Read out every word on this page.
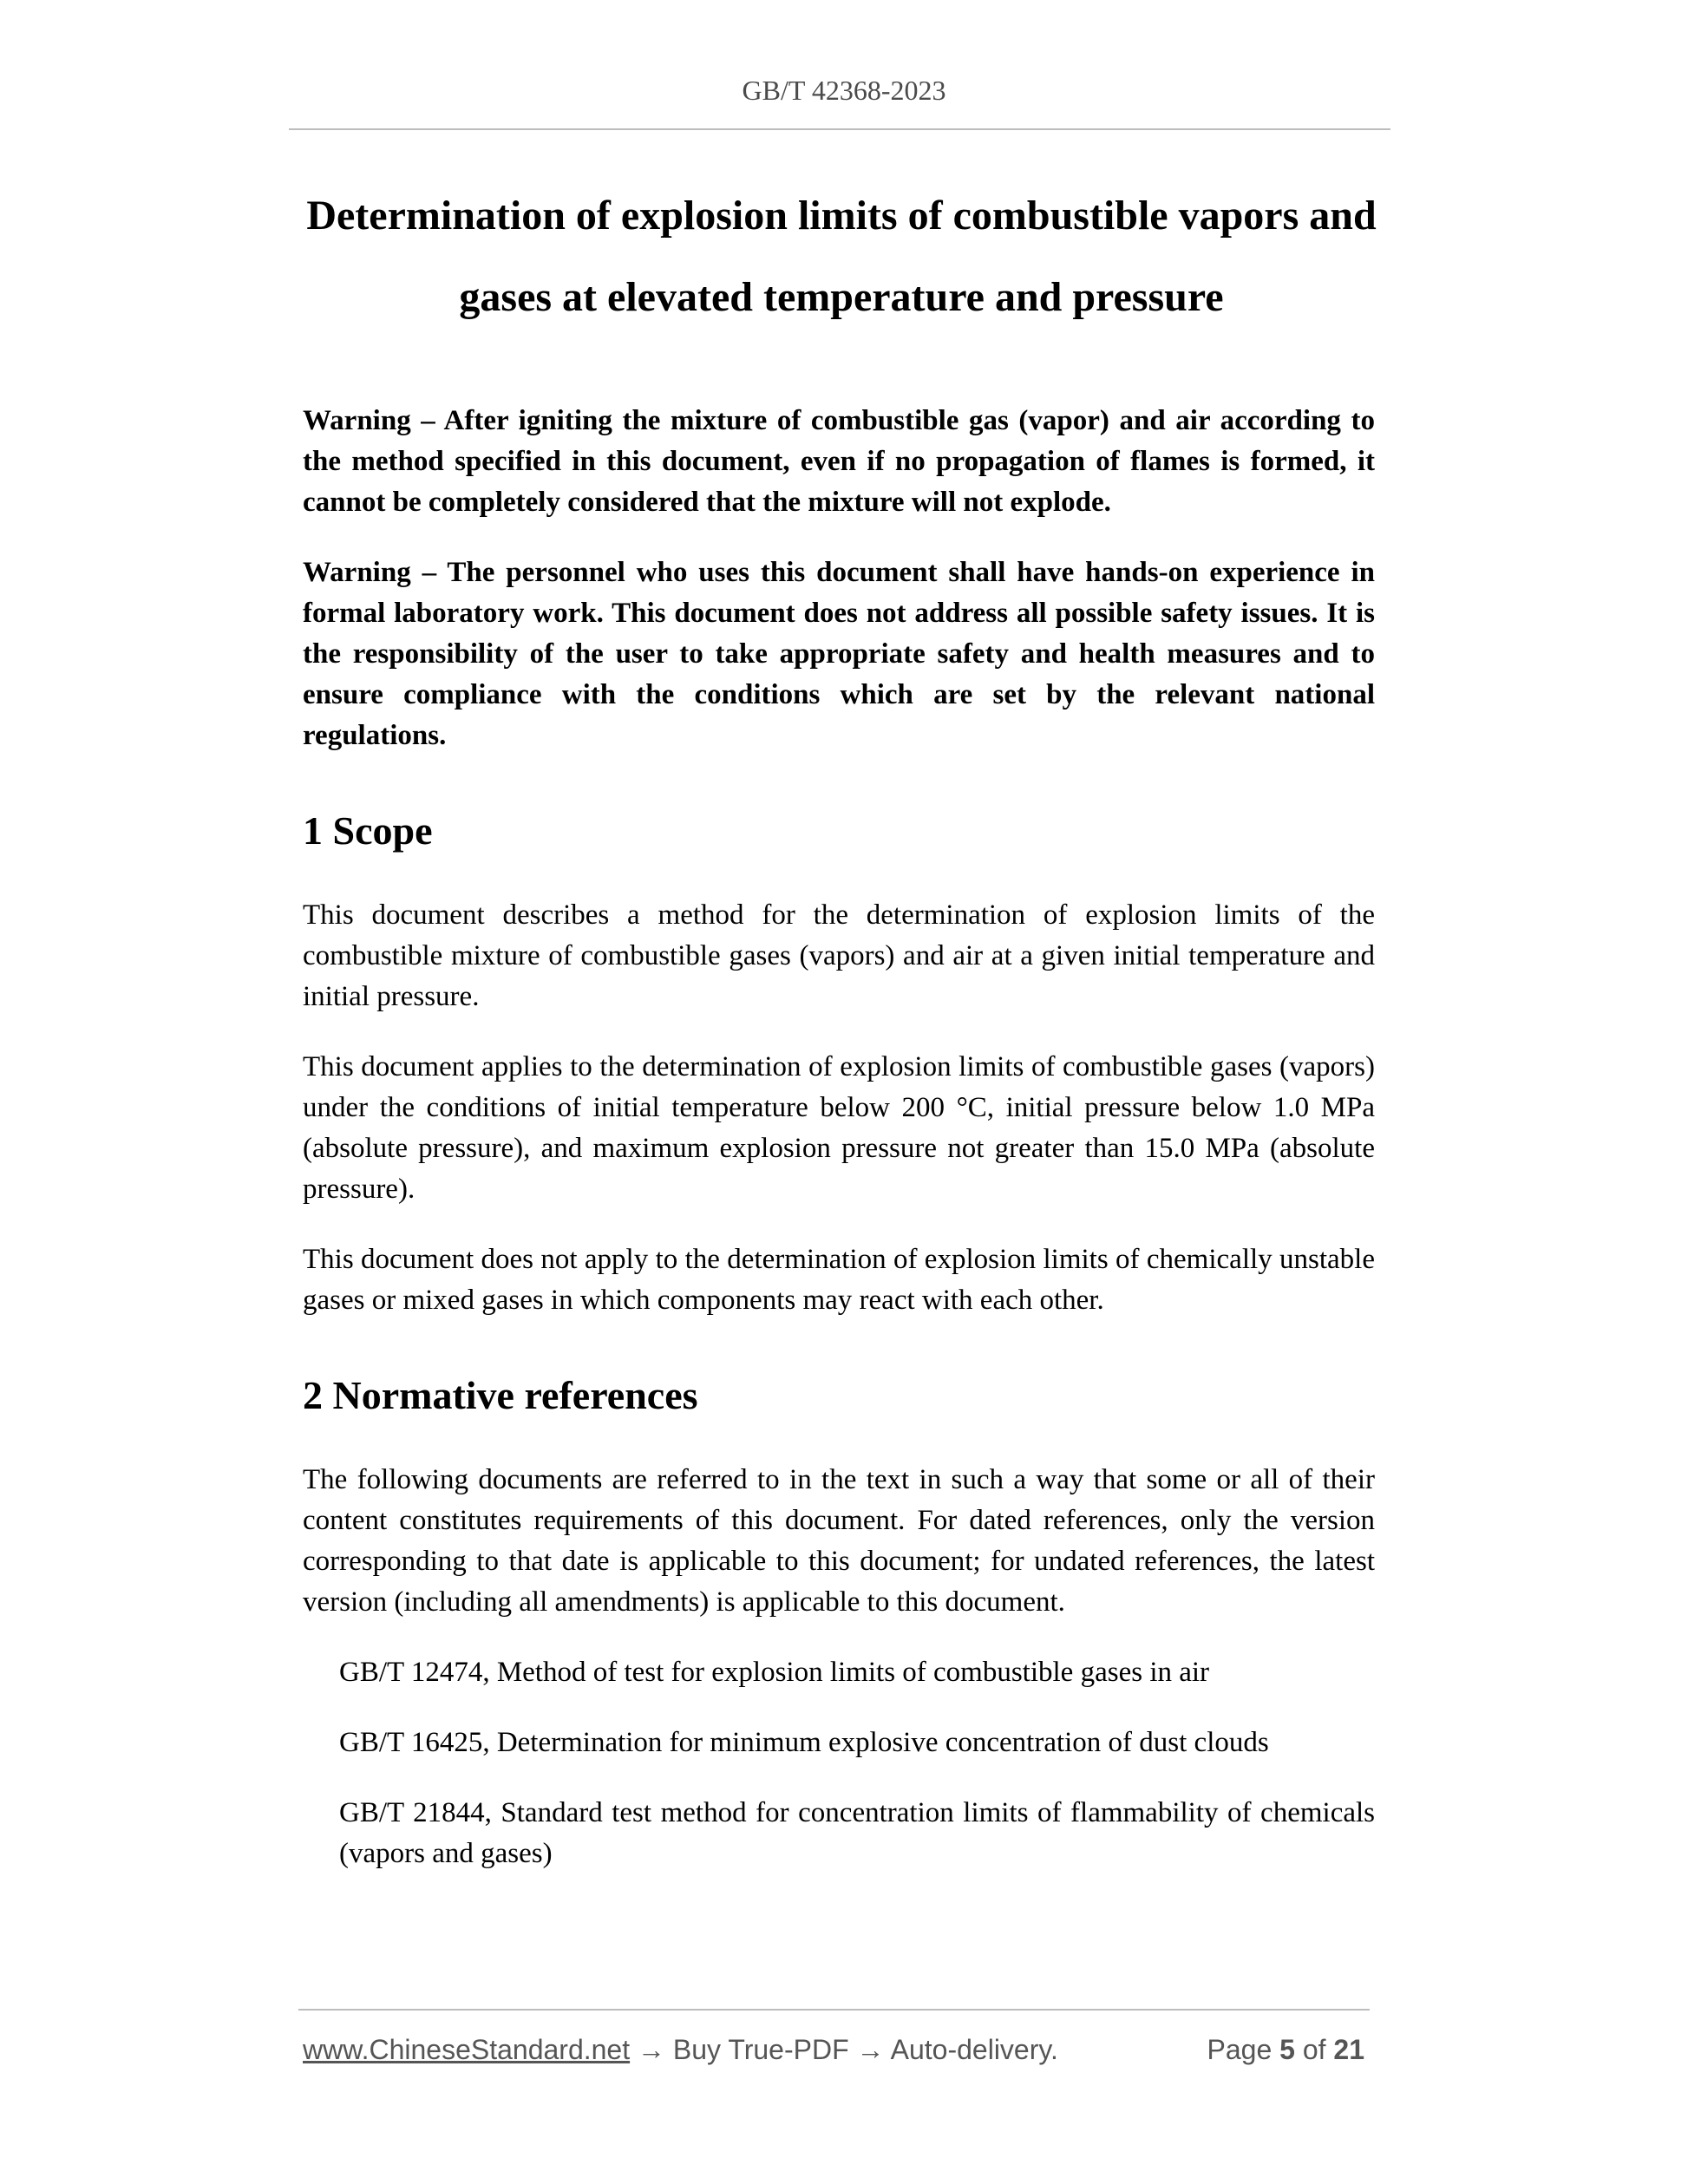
GB/T 42368-2023
Determination of explosion limits of combustible vapors and
gases at elevated temperature and pressure

Warning – After igniting the mixture of combustible gas (vapor) and air according to the method specified in this document, even if no propagation of flames is formed, it cannot be completely considered that the mixture will not explode.

Warning – The personnel who uses this document shall have hands-on experience in formal laboratory work. This document does not address all possible safety issues. It is the responsibility of the user to take appropriate safety and health measures and to ensure compliance with the conditions which are set by the relevant national regulations.

1 Scope

This document describes a method for the determination of explosion limits of the combustible mixture of combustible gases (vapors) and air at a given initial temperature and initial pressure.

This document applies to the determination of explosion limits of combustible gases (vapors) under the conditions of initial temperature below 200 °C, initial pressure below 1.0 MPa (absolute pressure), and maximum explosion pressure not greater than 15.0 MPa (absolute pressure).

This document does not apply to the determination of explosion limits of chemically unstable gases or mixed gases in which components may react with each other.

2 Normative references

The following documents are referred to in the text in such a way that some or all of their content constitutes requirements of this document. For dated references, only the version corresponding to that date is applicable to this document; for undated references, the latest version (including all amendments) is applicable to this document.

GB/T 12474, Method of test for explosion limits of combustible gases in air

GB/T 16425, Determination for minimum explosive concentration of dust clouds

GB/T 21844, Standard test method for concentration limits of flammability of chemicals (vapors and gases)

www.ChineseStandard.net → Buy True-PDF → Auto-delivery.	Page 5 of 21
